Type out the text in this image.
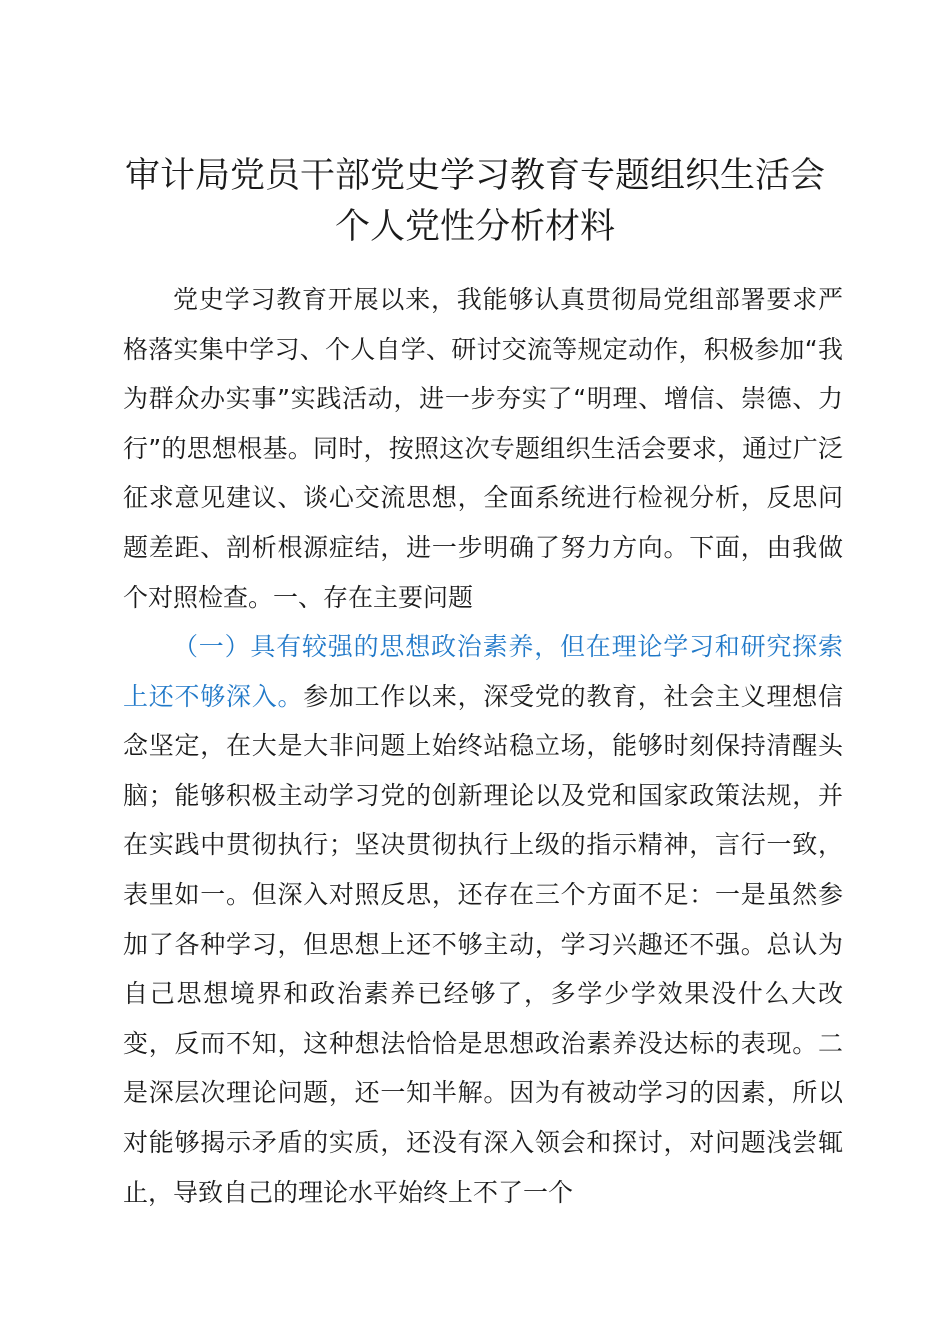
审计局党员干部党史学习教育专题组织生活会
个人党性分析材料

党史学习教育开展以来，我能够认真贯彻局党组部署要求严格落实集中学习、个人自学、研讨交流等规定动作，积极参加“我为群众办实事”实践活动，进一步夯实了“明理、增信、崇德、力行”的思想根基。同时，按照这次专题组织生活会要求，通过广泛征求意见建议、谈心交流思想，全面系统进行检视分析，反思问题差距、剖析根源症结，进一步明确了努力方向。下面，由我做个对照检查。一、存在主要问题

（一）具有较强的思想政治素养，但在理论学习和研究探索上还不够深入。参加工作以来，深受党的教育，社会主义理想信念坚定，在大是大非问题上始终站稳立场，能够时刻保持清醒头脑；能够积极主动学习党的创新理论以及党和国家政策法规，并在实践中贯彻执行；坚决贯彻执行上级的指示精神，言行一致，表里如一。但深入对照反思，还存在三个方面不足：一是虽然参加了各种学习，但思想上还不够主动，学习兴趣还不强。总认为自己思想境界和政治素养已经够了，多学少学效果没什么大改变，反而不知，这种想法恰恰是思想政治素养没达标的表现。二是深层次理论问题，还一知半解。因为有被动学习的因素，所以对能够揭示矛盾的实质，还没有深入领会和探讨，对问题浅尝辄止，导致自己的理论水平始终上不了一个
